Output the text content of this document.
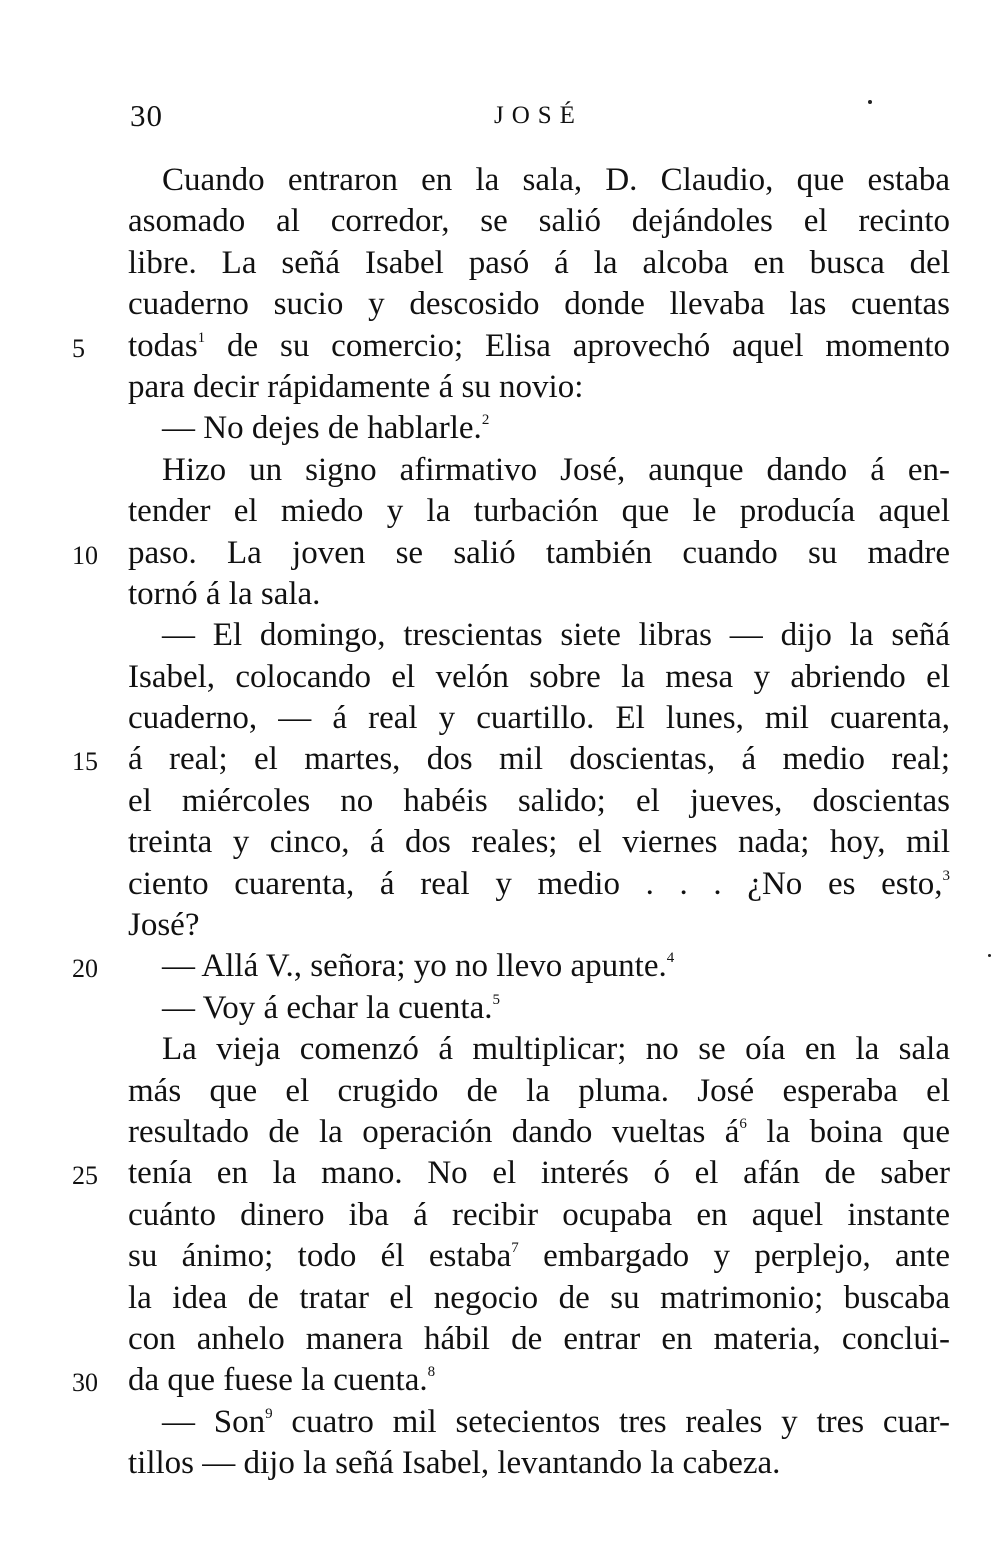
30	JOSÉ
Cuando entraron en la sala, D. Claudio, que estaba
asomado al corredor, se salió dejándoles el recinto
libre. La señá Isabel pasó á la alcoba en busca del
cuaderno sucio y descosido donde llevaba las cuentas
5	todas$^1$ de su comercio; Elisa aprovechó aquel momento
para decir rápidamente á su novio:
— No dejes de hablarle.$^2$
Hizo un signo afirmativo José, aunque dando á en-
tender el miedo y la turbación que le producía aquel
10 paso. La joven se salió también cuando su madre
tornó á la sala.
— El domingo, trescientas siete libras — dijo la señá
Isabel, colocando el velón sobre la mesa y abriendo el
cuaderno, — á real y cuartillo. El lunes, mil cuarenta,
15 á real; el martes, dos mil doscientas, á medio real;
el miércoles no habéis salido; el jueves, doscientas
treinta y cinco, á dos reales; el viernes nada; hoy, mil
ciento cuarenta, á real y medio . . . ¿No es esto,$^3$
José?
20	— Allá V., señora; yo no llevo apunte.$^4$
— Voy á echar la cuenta.$^5$
La vieja comenzó á multiplicar; no se oía en la sala
más que el crugido de la pluma. José esperaba el
resultado de la operación dando vueltas $á^6$ la boina que
25 tenía en la mano. No el interés ó el afán de saber
cuánto dinero iba á recibir ocupaba en aquel instante
su ánimo; todo él estaba$^7$ embargado y perplejo, ante
la idea de tratar el negocio de su matrimonio; buscaba
con anhelo manera hábil de entrar en materia, conclui-
30 da que fuese la cuenta.$^8$
— Son$^9$ cuatro mil setecientos tres reales y tres cuar-
tillos — dijo la señá Isabel, levantando la cabeza.
